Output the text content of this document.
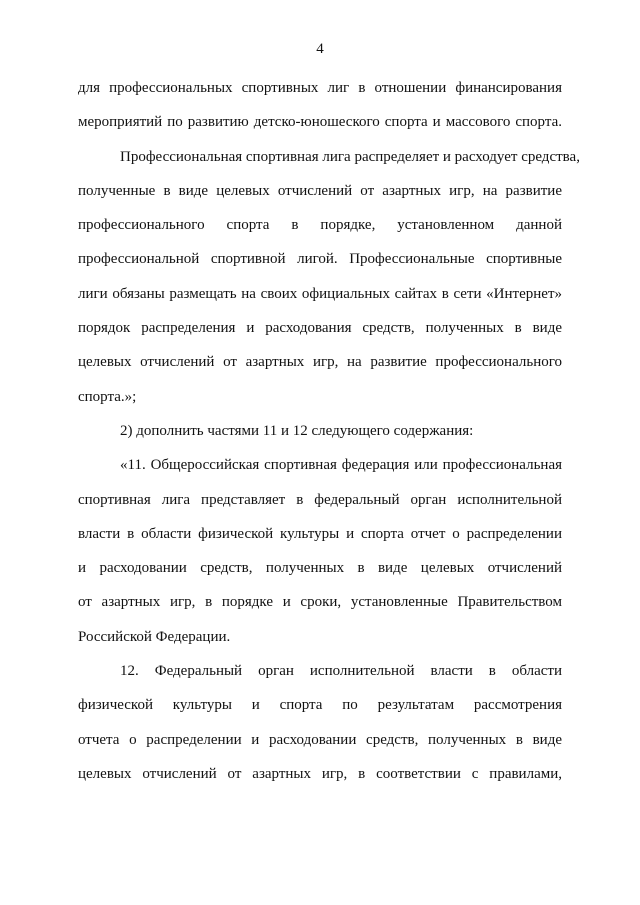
4
для профессиональных спортивных лиг в отношении финансирования
мероприятий по развитию детско-юношеского спорта и массового спорта.
Профессиональная спортивная лига распределяет и расходует средства,
полученные в виде целевых отчислений от азартных игр, на развитие
профессионального спорта в порядке, установленном данной
профессиональной спортивной лигой. Профессиональные спортивные
лиги обязаны размещать на своих официальных сайтах в сети «Интернет»
порядок распределения и расходования средств, полученных в виде
целевых отчислений от азартных игр, на развитие профессионального
спорта.»;
2) дополнить частями 11 и 12 следующего содержания:
«11. Общероссийская спортивная федерация или профессиональная
спортивная лига представляет в федеральный орган исполнительной
власти в области физической культуры и спорта отчет о распределении
и расходовании средств, полученных в виде целевых отчислений
от азартных игр, в порядке и сроки, установленные Правительством
Российской Федерации.
12. Федеральный орган исполнительной власти в области
физической культуры и спорта по результатам рассмотрения
отчета о распределении и расходовании средств, полученных в виде
целевых отчислений от азартных игр, в соответствии с правилами,
